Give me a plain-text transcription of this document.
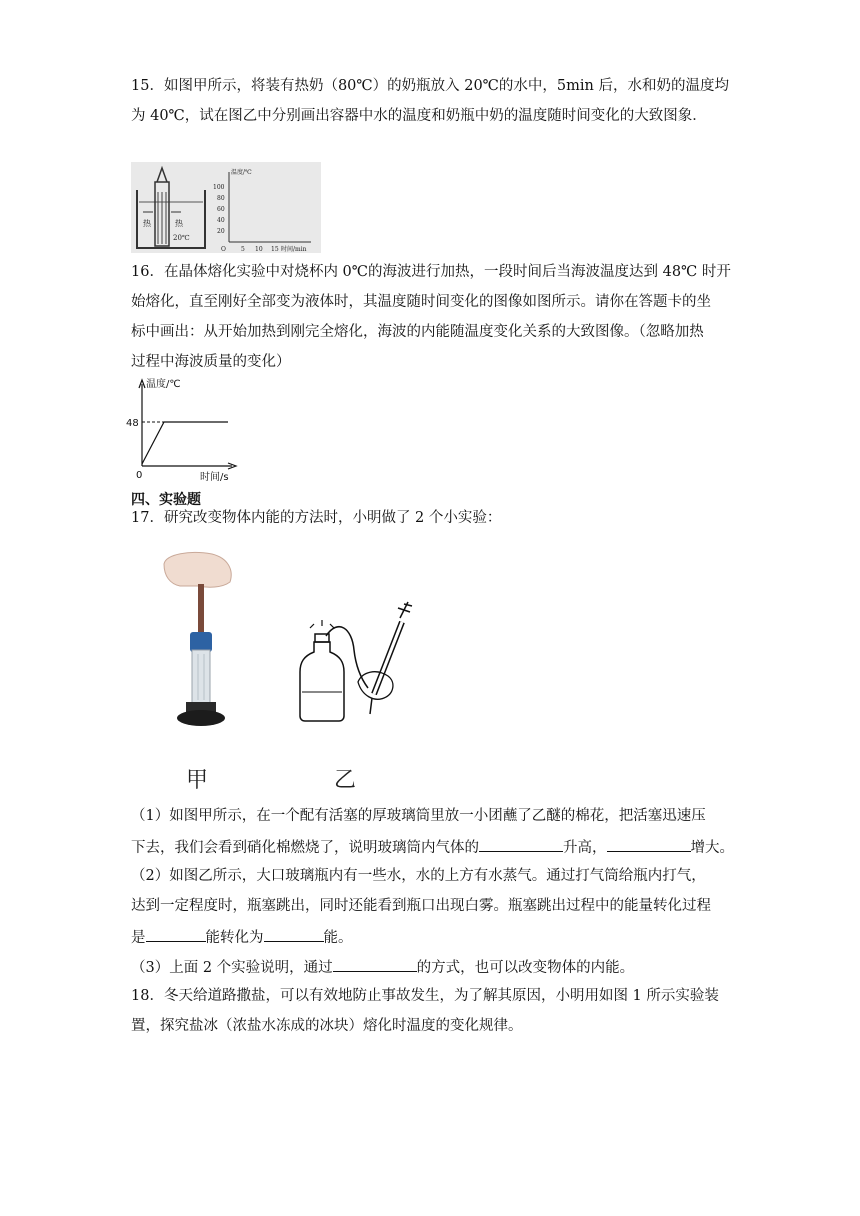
15．如图甲所示，将装有热奶（80℃）的奶瓶放入 20℃的水中，5min 后，水和奶的温度均
为 40℃，试在图乙中分别画出容器中水的温度和奶瓶中奶的温度随时间变化的大致图象．
热	热
20℃
温度/℃
100
80
60
40
20
O	5 10 15 时间/min
16．在晶体熔化实验中对烧杯内 0℃的海波进行加热，一段时间后当海波温度达到 48℃ 时开
始熔化，直至刚好全部变为液体时，其温度随时间变化的图像如图所示。请你在答题卡的坐
标中画出：从开始加热到刚完全熔化，海波的内能随温度变化关系的大致图像。（忽略加热
过程中海波质量的变化）
温度/℃
48
0	时间/s
四、实验题
17．研究改变物体内能的方法时，小明做了 2 个小实验：
甲	乙
（1）如图甲所示，在一个配有活塞的厚玻璃筒里放一小团蘸了乙醚的棉花，把活塞迅速压
下去，我们会看到硝化棉燃烧了，说明玻璃筒内气体的	升高，	增大。
（2）如图乙所示，大口玻璃瓶内有一些水，水的上方有水蒸气。通过打气筒给瓶内打气，
达到一定程度时，瓶塞跳出，同时还能看到瓶口出现白雾。瓶塞跳出过程中的能量转化过程
是	能转化为	能。
（3）上面 2 个实验说明，通过	的方式，也可以改变物体的内能。
18．冬天给道路撒盐，可以有效地防止事故发生，为了解其原因，小明用如图 1 所示实验装
置，探究盐冰（浓盐水冻成的冰块）熔化时温度的变化规律。
